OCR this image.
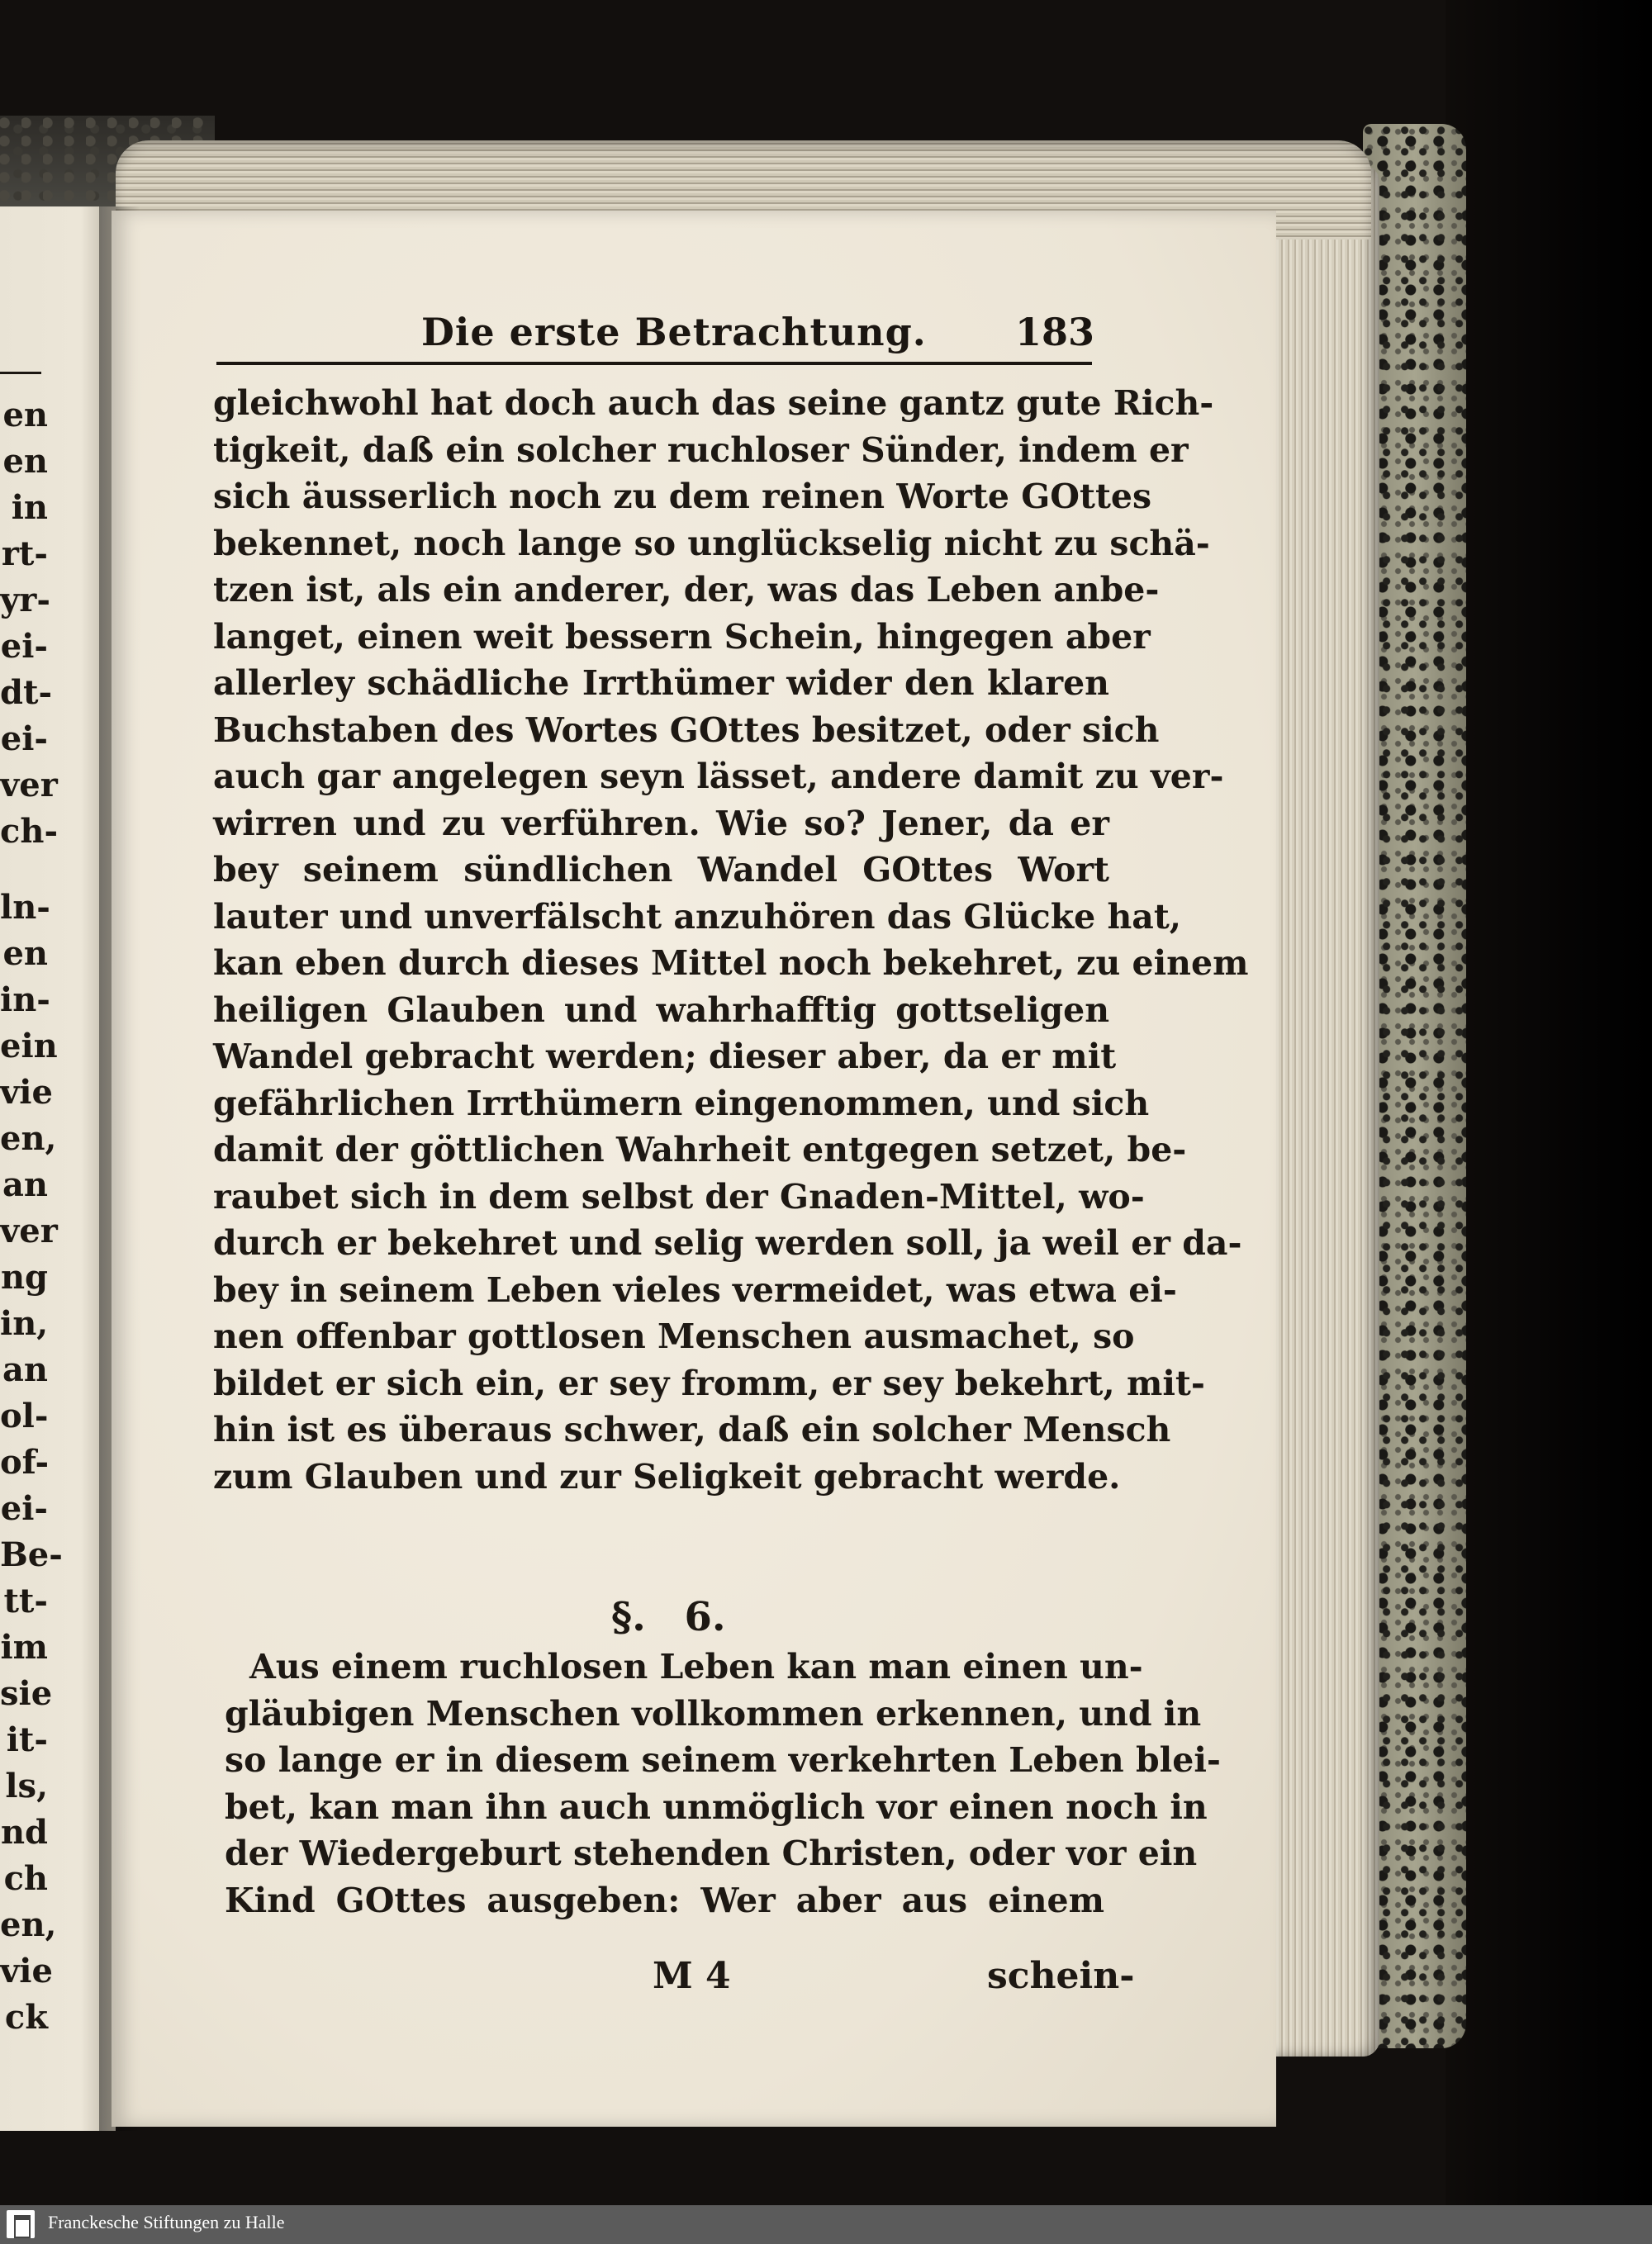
en
en
in
rt-
yr-
ei-
dt-
ei-
ver
ch-
ln-
en
in-
ein
vie
en,
an
ver
ng
in,
an
ol-
of-
ei-
Be-
tt-
im
sie
it-
ls,
nd
ch
en,
vie
ck
Die erste Betrachtung. 183
gleichwohl hat doch auch das seine gantz gute Rich-
tigkeit, daß ein solcher ruchloser Sünder, indem er
sich äusserlich noch zu dem reinen Worte GOttes
bekennet, noch lange so unglückselig nicht zu schä-
tzen ist, als ein anderer, der, was das Leben anbe-
langet, einen weit bessern Schein, hingegen aber
allerley schädliche Irrthümer wider den klaren
Buchstaben des Wortes GOttes besitzet, oder sich
auch gar angelegen seyn lässet, andere damit zu ver-
wirren und zu verführen. Wie so? Jener, da er
bey seinem sündlichen Wandel GOttes Wort
lauter und unverfälscht anzuhören das Glücke hat,
kan eben durch dieses Mittel noch bekehret, zu einem
heiligen Glauben und wahrhafftig gottseligen
Wandel gebracht werden; dieser aber, da er mit
gefährlichen Irrthümern eingenommen, und sich
damit der göttlichen Wahrheit entgegen setzet, be-
raubet sich in dem selbst der Gnaden-Mittel, wo-
durch er bekehret und selig werden soll, ja weil er da-
bey in seinem Leben vieles vermeidet, was etwa ei-
nen offenbar gottlosen Menschen ausmachet, so
bildet er sich ein, er sey fromm, er sey bekehrt, mit-
hin ist es überaus schwer, daß ein solcher Mensch
zum Glauben und zur Seligkeit gebracht werde.
§. 6.
Aus einem ruchlosen Leben kan man einen un-
gläubigen Menschen vollkommen erkennen, und in
so lange er in diesem seinem verkehrten Leben blei-
bet, kan man ihn auch unmöglich vor einen noch in
der Wiedergeburt stehenden Christen, oder vor ein
Kind GOttes ausgeben: Wer aber aus einem
M 4	schein-
Franckesche Stiftungen zu Halle
